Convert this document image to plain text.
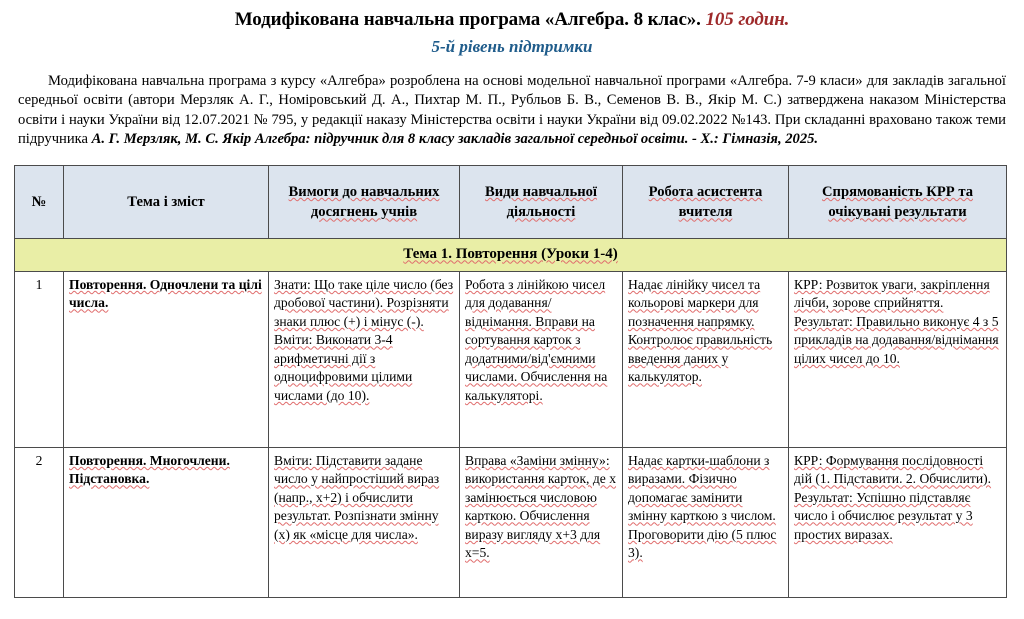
Модифікована навчальна програма «Алгебра. 8 клас». 105 годин.
5-й рівень підтримки

Модифікована навчальна програма з курсу «Алгебра» розроблена на основі модельної навчальної програми «Алгебра. 7-9 класи» для закладів загальної середньої освіти (автори Мерзляк А. Г., Номіровський Д. А., Пихтар М. П., Рубльов Б. В., Семенов В. В., Якір М. С.) затверджена наказом Міністерства освіти і науки України від 12.07.2021 № 795, у редакції наказу Міністерства освіти і науки України від 09.02.2022 №143. При складанні враховано також теми підручника А. Г. Мерзляк, М. С. Якір Алгебра: підручник для 8 класу закладів загальної середньої освіти. - Х.: Гімназія, 2025.

№	Тема і зміст	Вимоги до навчальних досягнень учнів	Види навчальної діяльності	Робота асистента вчителя	Спрямованість КРР та очікувані результати
Тема 1. Повторення (Уроки 1-4)					
1	Повторення. Одночлени та цілі числа.	Знати: Що таке ціле число (без дробової частини). Розрізняти знаки плюс (+) і мінус (-). Вміти: Виконати 3-4 арифметичні дії з одноцифровими цілими числами (до 10).	Робота з лінійкою чисел для додавання/віднімання. Вправи на сортування карток з додатними/від'ємними числами. Обчислення на калькуляторі.	Надає лінійку чисел та кольорові маркери для позначення напрямку. Контролює правильність введення даних у калькулятор.	КРР: Розвиток уваги, закріплення лічби, зорове сприйняття. Результат: Правильно виконує 4 з 5 прикладів на додавання/віднімання цілих чисел до 10.
2	Повторення. Многочлени. Підстановка.	Вміти: Підставити задане число у найпростіший вираз (напр., х+2) і обчислити результат. Розпізнати змінну (х) як «місце для числа».	Вправа «Заміни змінну»: використання карток, де х замінюється числовою карткою. Обчислення виразу вигляду х+3 для х=5.	Надає картки-шаблони з виразами. Фізично допомагає замінити змінну карткою з числом. Проговорити дію (5 плюс 3).	КРР: Формування послідовності дій (1. Підставити. 2. Обчислити). Результат: Успішно підставляє число і обчислює результат у 3 простих виразах.
